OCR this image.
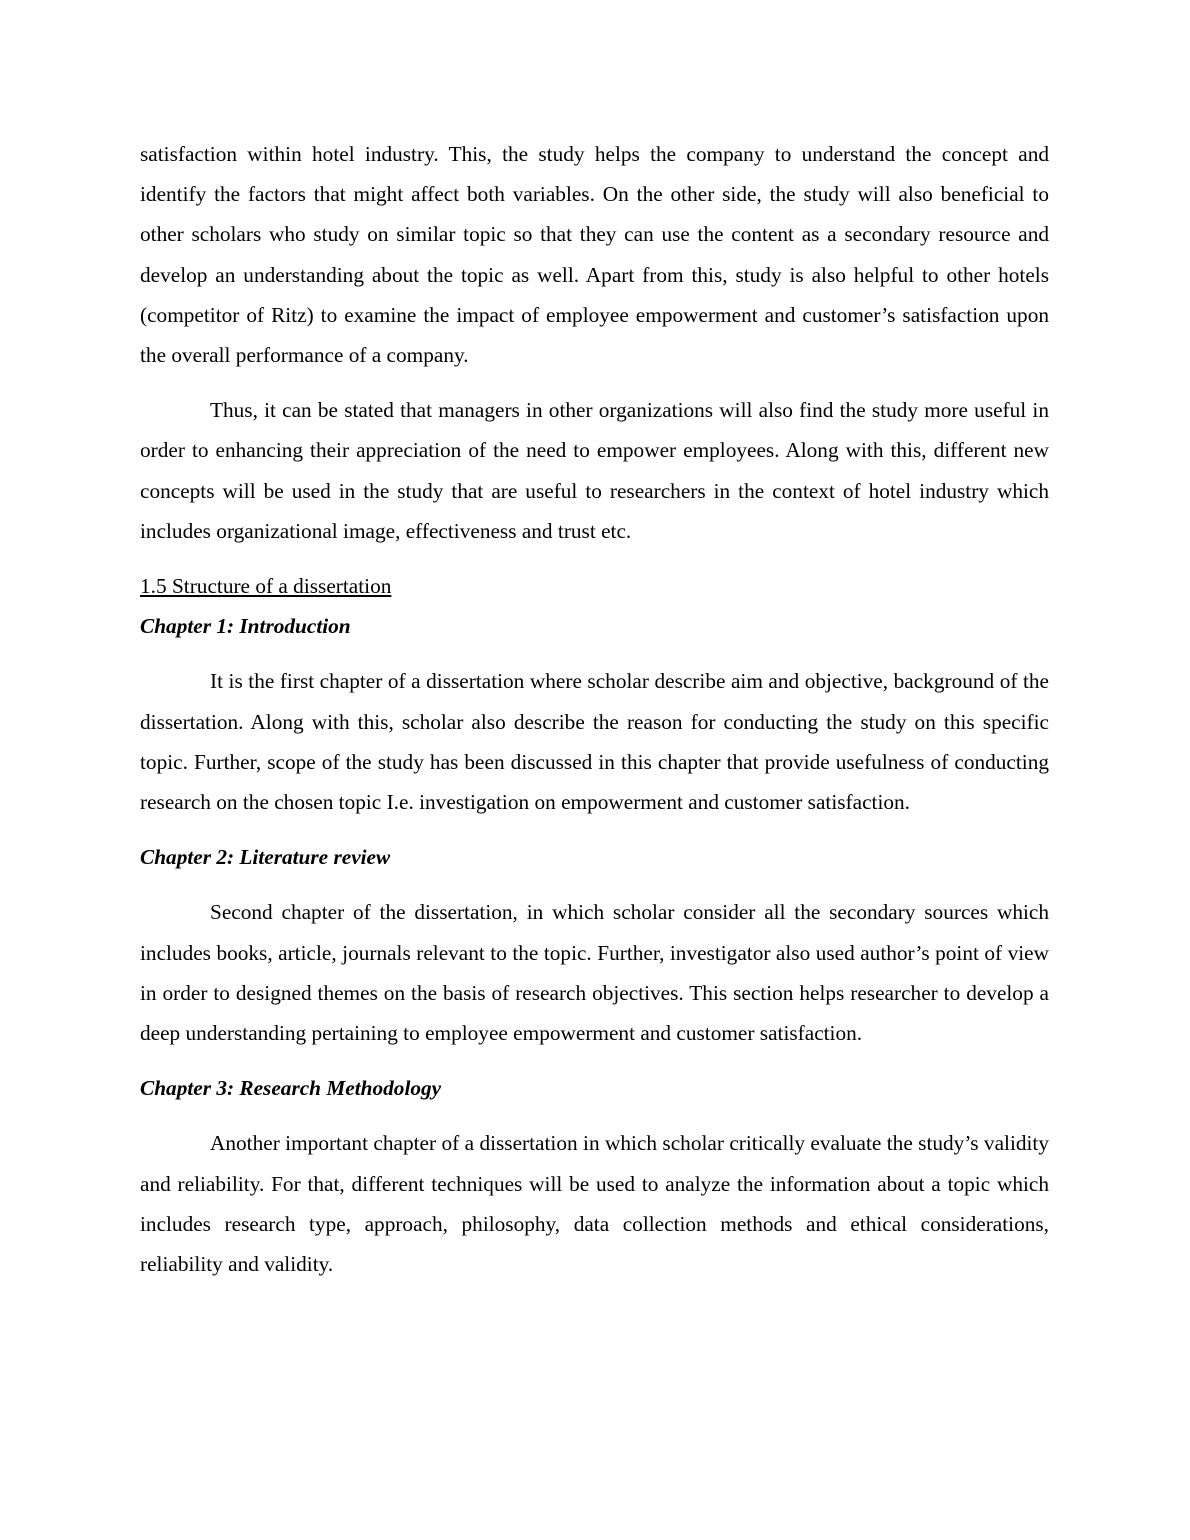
satisfaction within hotel industry. This, the study helps the company to understand the concept and identify the factors that might affect both variables. On the other side, the study will also beneficial to other scholars who study on similar topic so that they can use the content as a secondary resource and develop an understanding about the topic as well. Apart from this, study is also helpful to other hotels (competitor of Ritz) to examine the impact of employee empowerment and customer’s satisfaction upon the overall performance of a company.

Thus, it can be stated that managers in other organizations will also find the study more useful in order to enhancing their appreciation of the need to empower employees. Along with this, different new concepts will be used in the study that are useful to researchers in the context of hotel industry which includes organizational image, effectiveness and trust etc.

1.5 Structure of a dissertation

Chapter 1: Introduction

It is the first chapter of a dissertation where scholar describe aim and objective, background of the dissertation. Along with this, scholar also describe the reason for conducting the study on this specific topic. Further, scope of the study has been discussed in this chapter that provide usefulness of conducting research on the chosen topic I.e. investigation on empowerment and customer satisfaction.

Chapter 2: Literature review

Second chapter of the dissertation, in which scholar consider all the secondary sources which includes books, article, journals relevant to the topic. Further, investigator also used author’s point of view in order to designed themes on the basis of research objectives. This section helps researcher to develop a deep understanding pertaining to employee empowerment and customer satisfaction.

Chapter 3: Research Methodology

Another important chapter of a dissertation in which scholar critically evaluate the study’s validity and reliability. For that, different techniques will be used to analyze the information about a topic which includes research type, approach, philosophy, data collection methods and ethical considerations, reliability and validity.
